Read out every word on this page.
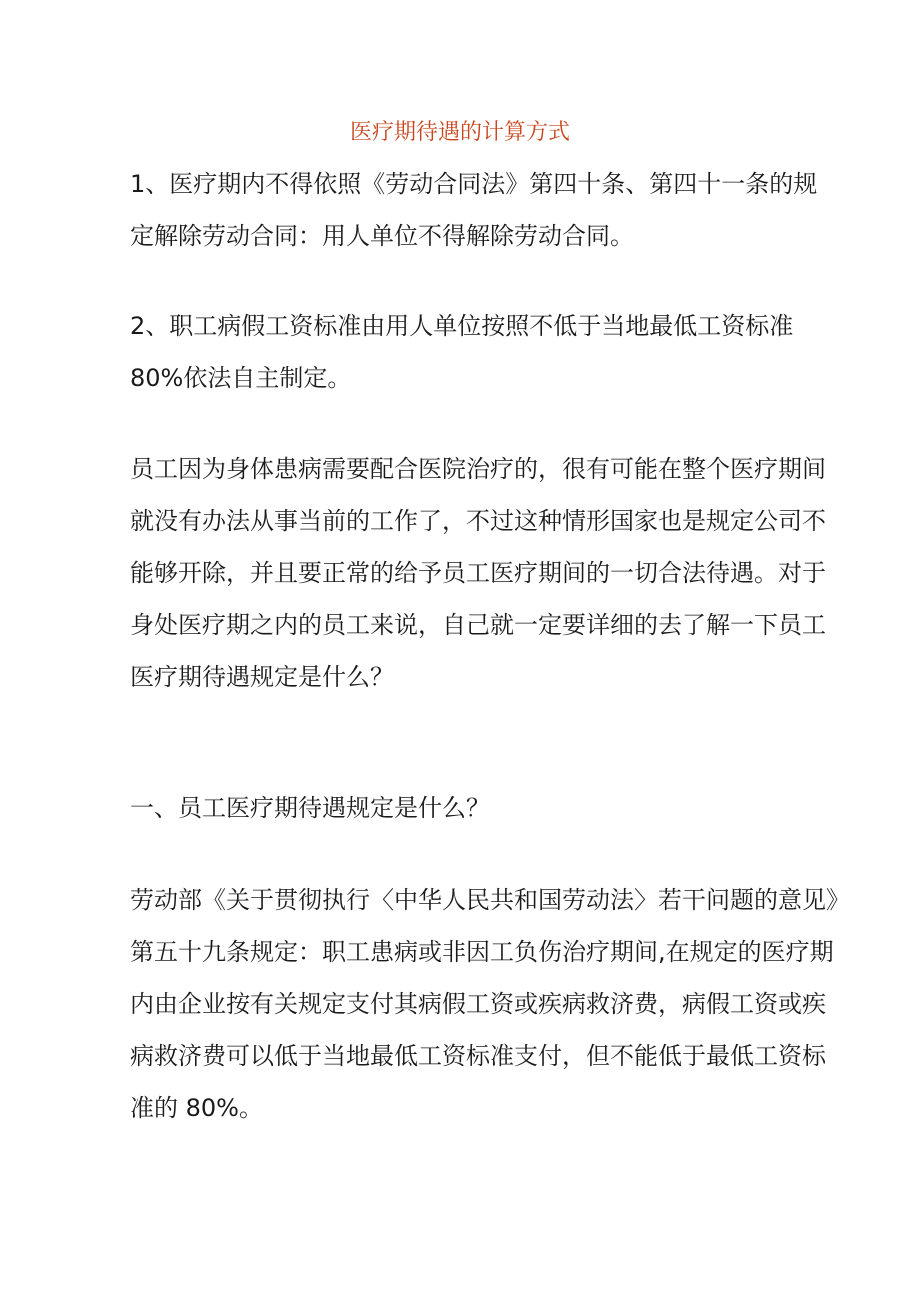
医疗期待遇的计算方式

1、医疗期内不得依照《劳动合同法》第四十条、第四十一条的规
定解除劳动合同：用人单位不得解除劳动合同。

2、职工病假工资标准由用人单位按照不低于当地最低工资标准
80%依法自主制定。

员工因为身体患病需要配合医院治疗的，很有可能在整个医疗期间
就没有办法从事当前的工作了，不过这种情形国家也是规定公司不
能够开除，并且要正常的给予员工医疗期间的一切合法待遇。对于
身处医疗期之内的员工来说，自己就一定要详细的去了解一下员工
医疗期待遇规定是什么？

一、员工医疗期待遇规定是什么？

劳动部《关于贯彻执行〈中华人民共和国劳动法〉若干问题的意见》
第五十九条规定：职工患病或非因工负伤治疗期间,在规定的医疗期
内由企业按有关规定支付其病假工资或疾病救济费，病假工资或疾
病救济费可以低于当地最低工资标准支付，但不能低于最低工资标
准的 80%。
